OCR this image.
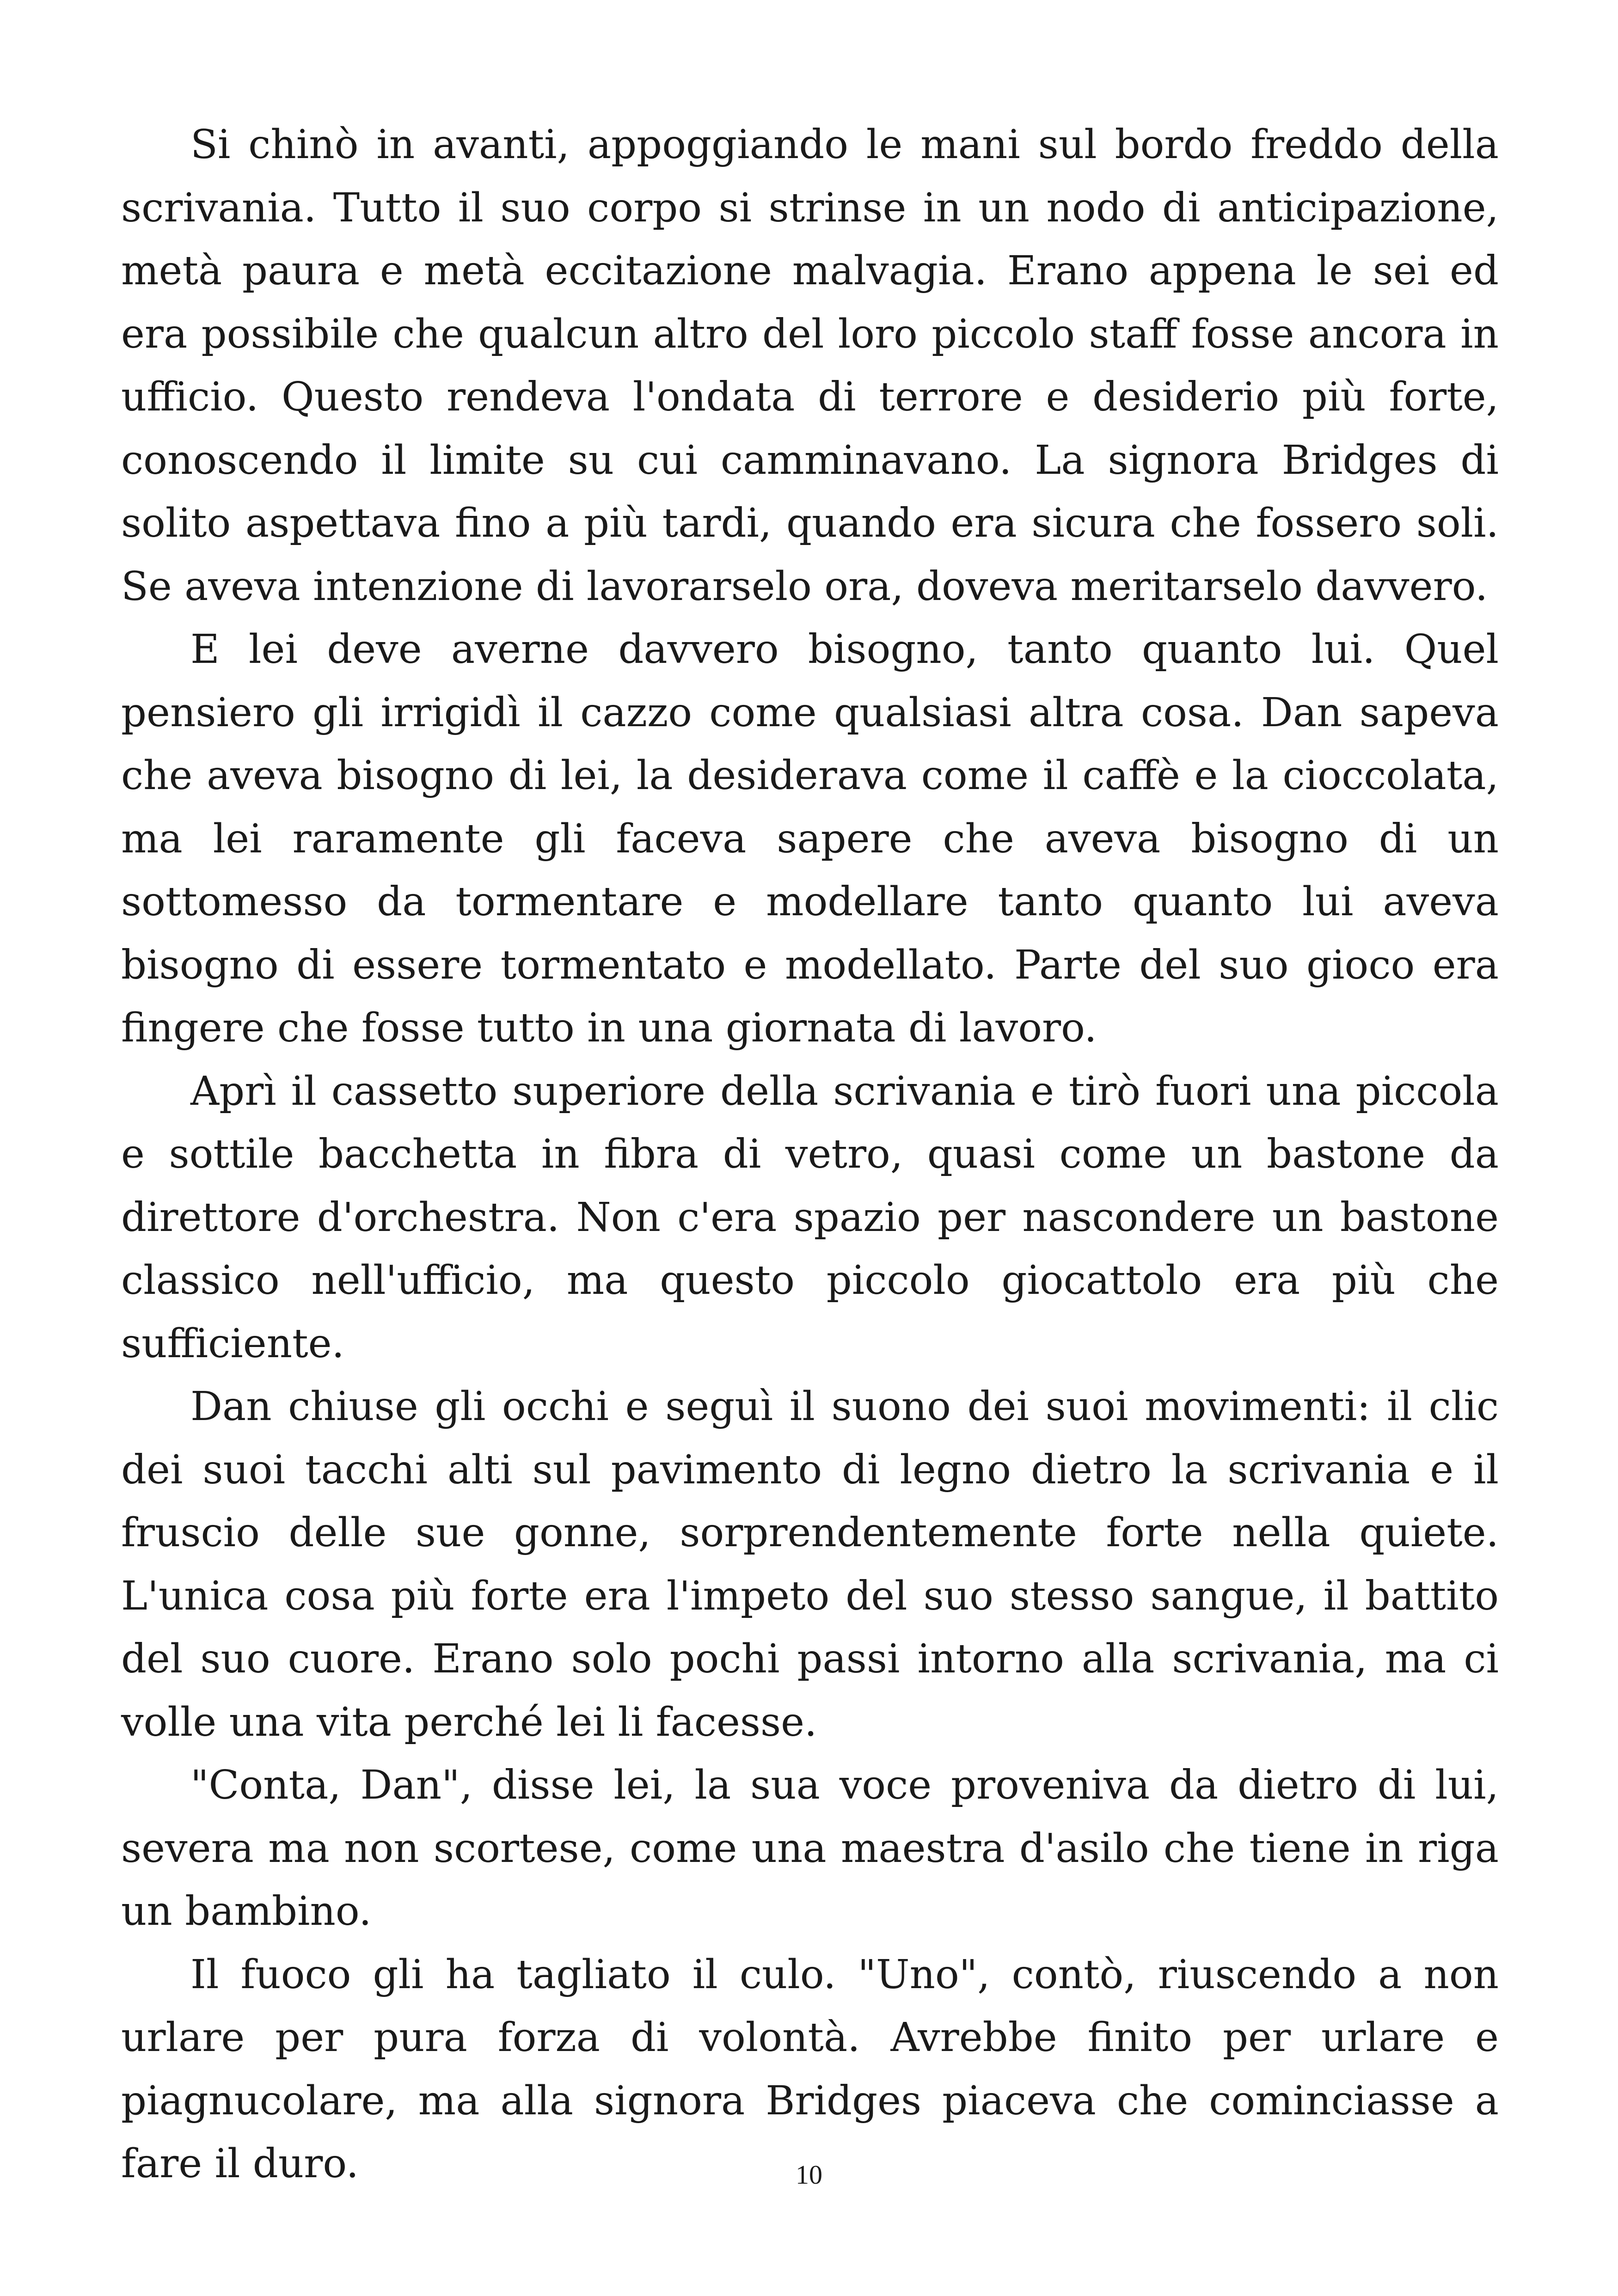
Si chinò in avanti, appoggiando le mani sul bordo freddo della scrivania. Tutto il suo corpo si strinse in un nodo di anticipazione, metà paura e metà eccitazione malvagia. Erano appena le sei ed era possibile che qualcun altro del loro piccolo staff fosse ancora in ufficio. Questo rendeva l'ondata di terrore e desiderio più forte, conoscendo il limite su cui camminavano. La signora Bridges di solito aspettava fino a più tardi, quando era sicura che fossero soli. Se aveva intenzione di lavorarselo ora, doveva meritarselo davvero.

E lei deve averne davvero bisogno, tanto quanto lui. Quel pensiero gli irrigidì il cazzo come qualsiasi altra cosa. Dan sapeva che aveva bisogno di lei, la desiderava come il caffè e la cioccolata, ma lei raramente gli faceva sapere che aveva bisogno di un sottomesso da tormentare e modellare tanto quanto lui aveva bisogno di essere tormentato e modellato. Parte del suo gioco era fingere che fosse tutto in una giornata di lavoro.

Aprì il cassetto superiore della scrivania e tirò fuori una piccola e sottile bacchetta in fibra di vetro, quasi come un bastone da direttore d'orchestra. Non c'era spazio per nascondere un bastone classico nell'ufficio, ma questo piccolo giocattolo era più che sufficiente.

Dan chiuse gli occhi e seguì il suono dei suoi movimenti: il clic dei suoi tacchi alti sul pavimento di legno dietro la scrivania e il fruscio delle sue gonne, sorprendentemente forte nella quiete. L'unica cosa più forte era l'impeto del suo stesso sangue, il battito del suo cuore. Erano solo pochi passi intorno alla scrivania, ma ci volle una vita perché lei li facesse.

"Conta, Dan", disse lei, la sua voce proveniva da dietro di lui, severa ma non scortese, come una maestra d'asilo che tiene in riga un bambino.

Il fuoco gli ha tagliato il culo. "Uno", contò, riuscendo a non urlare per pura forza di volontà. Avrebbe finito per urlare e piagnucolare, ma alla signora Bridges piaceva che cominciasse a fare il duro.	10
